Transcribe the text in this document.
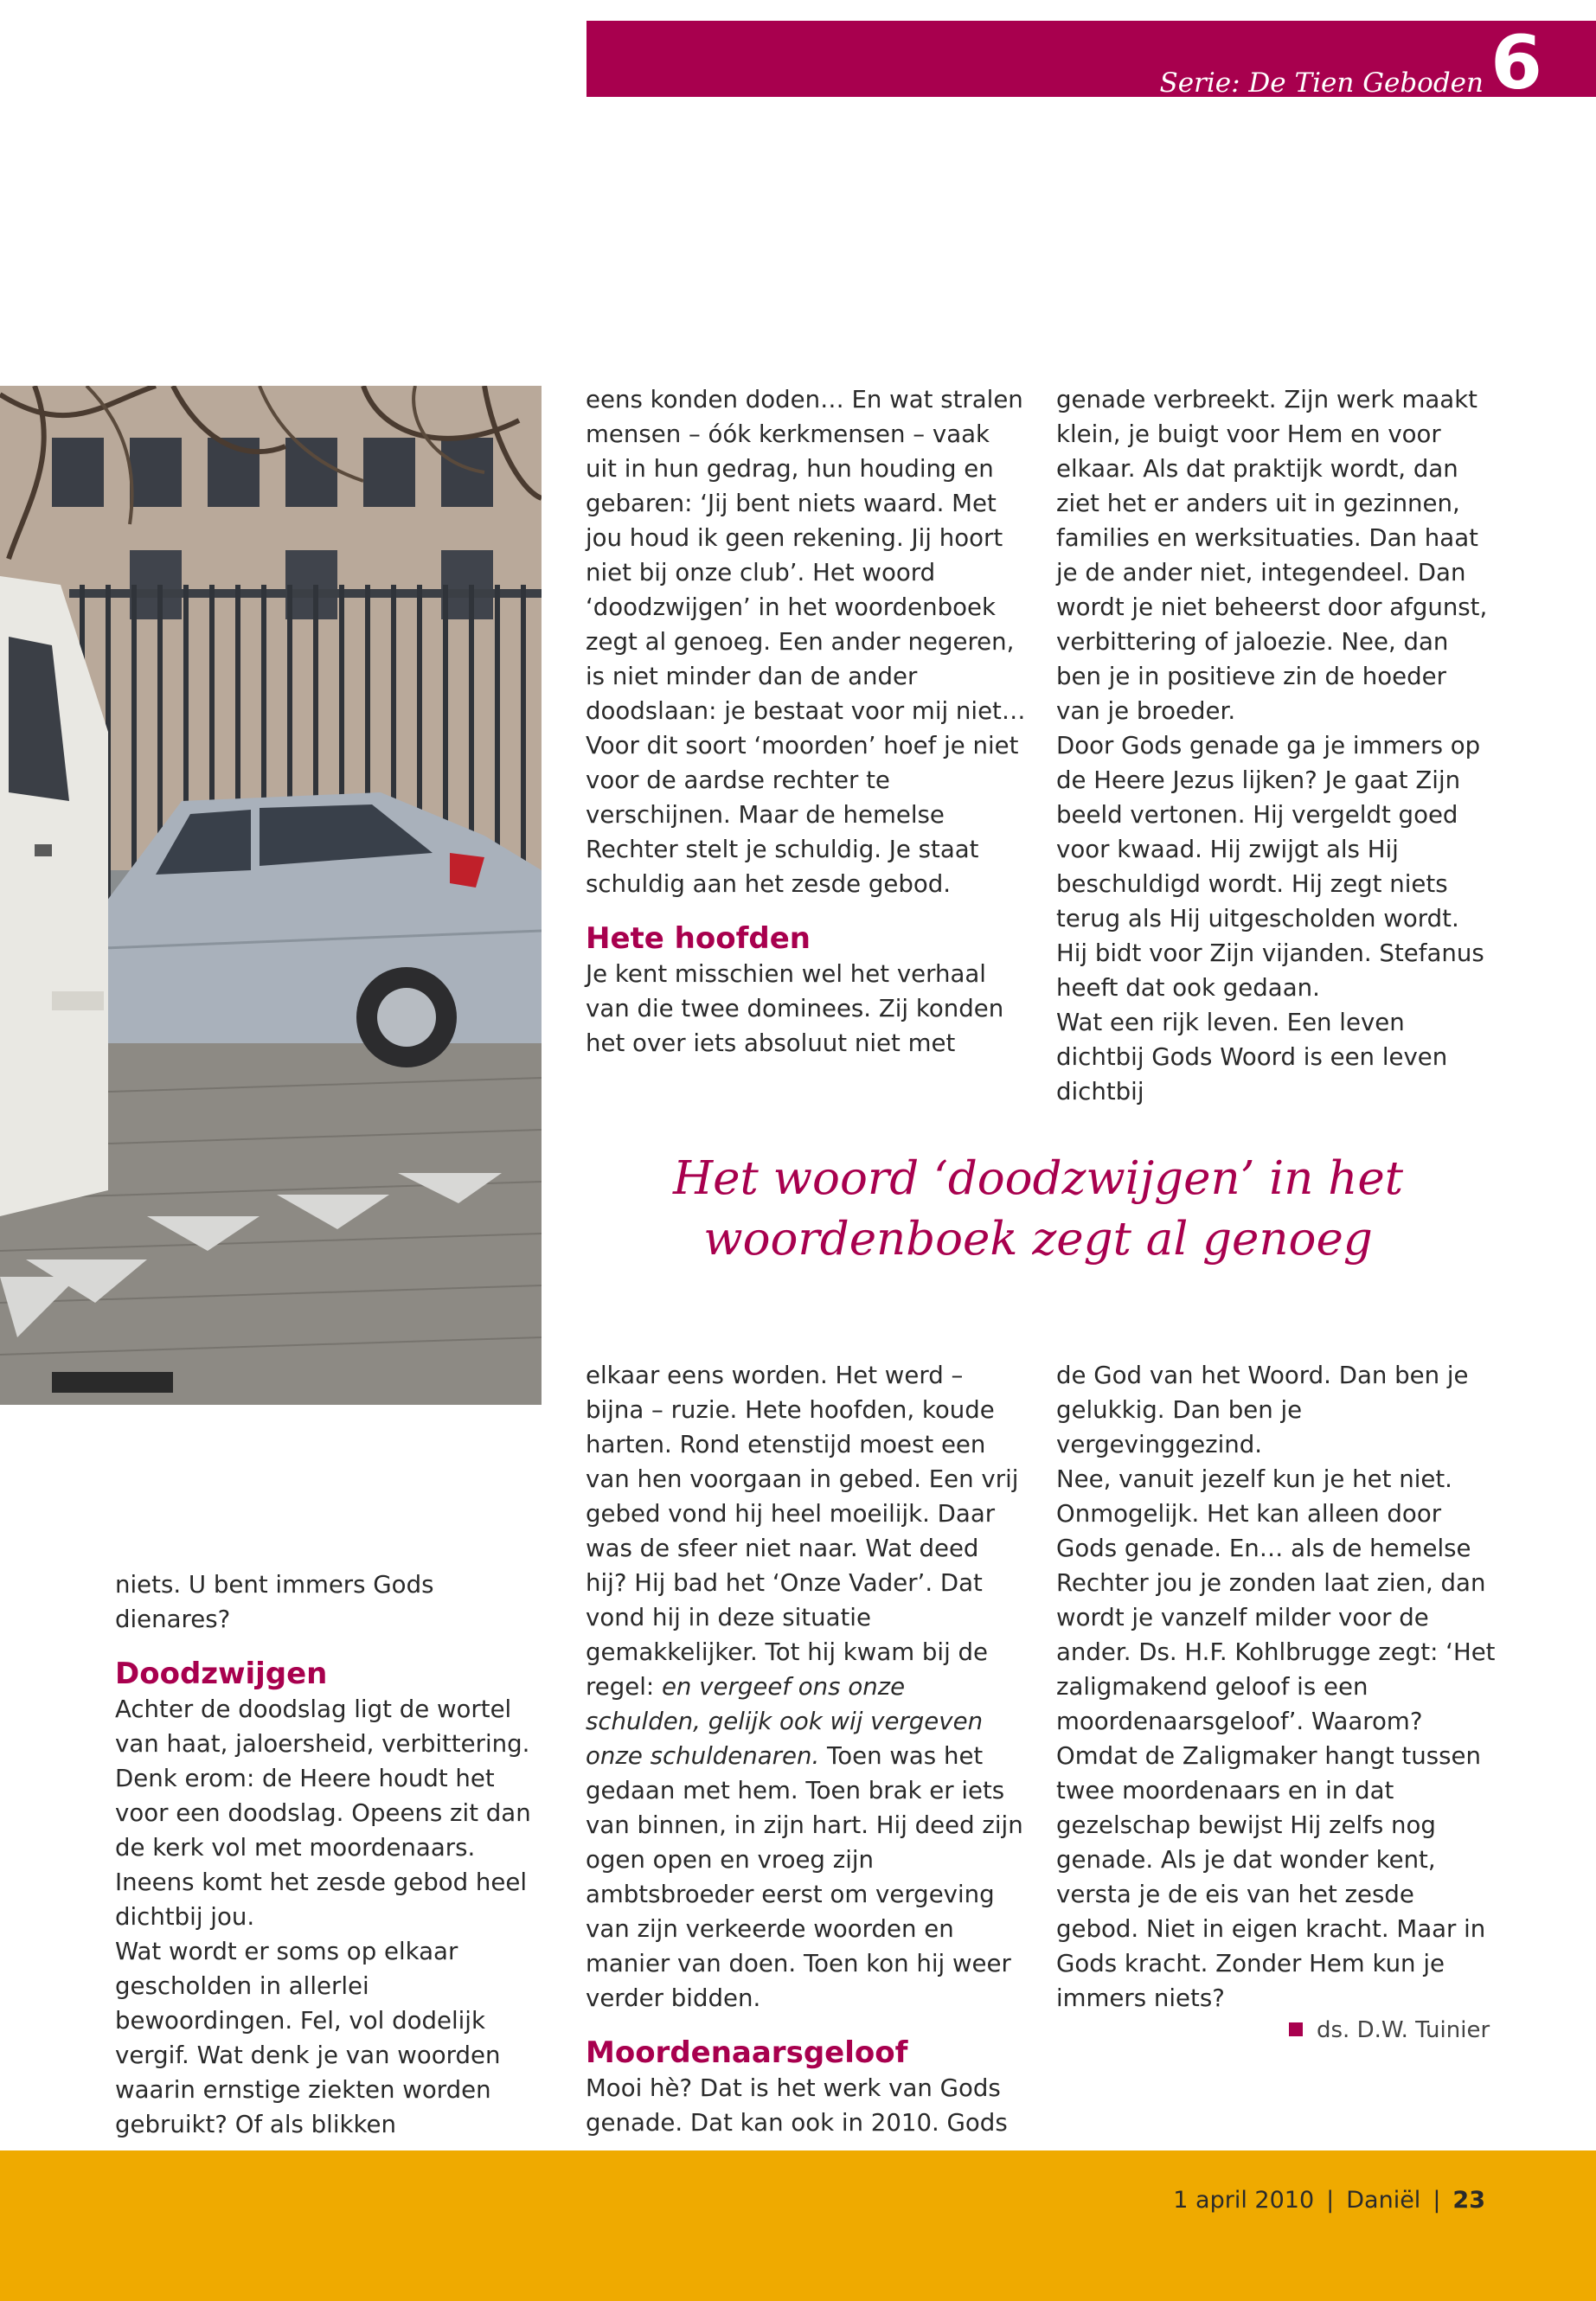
Serie: De Tien Geboden 6

eens konden doden… En wat stralen mensen – óók kerkmensen – vaak uit in hun gedrag, hun houding en gebaren: ‘Jij bent niets waard. Met jou houd ik geen rekening. Jij hoort niet bij onze club’. Het woord ‘doodzwijgen’ in het woordenboek zegt al genoeg. Een ander negeren, is niet minder dan de ander doodslaan: je bestaat voor mij niet… Voor dit soort ‘moorden’ hoef je niet voor de aardse rechter te verschijnen. Maar de hemelse Rechter stelt je schuldig. Je staat schuldig aan het zesde gebod.

Hete hoofden

Je kent misschien wel het verhaal van die twee dominees. Zij konden het over iets absoluut niet met

genade verbreekt. Zijn werk maakt klein, je buigt voor Hem en voor elkaar. Als dat praktijk wordt, dan ziet het er anders uit in gezinnen, families en werksituaties. Dan haat je de ander niet, integendeel. Dan wordt je niet beheerst door afgunst, verbittering of jaloezie. Nee, dan ben je in positieve zin de hoeder van je broeder.

Door Gods genade ga je immers op de Heere Jezus lijken? Je gaat Zijn beeld vertonen. Hij vergeldt goed voor kwaad. Hij zwijgt als Hij beschuldigd wordt. Hij zegt niets terug als Hij uitgescholden wordt. Hij bidt voor Zijn vijanden. Stefanus heeft dat ook gedaan.

Wat een rijk leven. Een leven dichtbij Gods Woord is een leven dichtbij

Het woord ‘doodzwijgen’ in het woordenboek zegt al genoeg

niets. U bent immers Gods dienares?

Doodzwijgen

Achter de doodslag ligt de wortel van haat, jaloersheid, verbittering. Denk erom: de Heere houdt het voor een doodslag. Opeens zit dan de kerk vol met moordenaars. Ineens komt het zesde gebod heel dichtbij jou.

Wat wordt er soms op elkaar gescholden in allerlei bewoordingen. Fel, vol dodelijk vergif. Wat denk je van woorden waarin ernstige ziekten worden gebruikt? Of als blikken

elkaar eens worden. Het werd – bijna – ruzie. Hete hoofden, koude harten. Rond etenstijd moest een van hen voorgaan in gebed. Een vrij gebed vond hij heel moeilijk. Daar was de sfeer niet naar. Wat deed hij? Hij bad het ‘Onze Vader’. Dat vond hij in deze situatie gemakkelijker. Tot hij kwam bij de regel: en vergeef ons onze schulden, gelijk ook wij vergeven onze schuldenaren. Toen was het gedaan met hem. Toen brak er iets van binnen, in zijn hart. Hij deed zijn ogen open en vroeg zijn ambtsbroeder eerst om vergeving van zijn verkeerde woorden en manier van doen. Toen kon hij weer verder bidden.

Moordenaarsgeloof

Mooi hè? Dat is het werk van Gods genade. Dat kan ook in 2010. Gods

de God van het Woord. Dan ben je gelukkig. Dan ben je vergevinggezind.

Nee, vanuit jezelf kun je het niet. Onmogelijk. Het kan alleen door Gods genade. En… als de hemelse Rechter jou je zonden laat zien, dan wordt je vanzelf milder voor de ander. Ds. H.F. Kohlbrugge zegt: ‘Het zaligmakend geloof is een moordenaarsgeloof’. Waarom? Omdat de Zaligmaker hangt tussen twee moordenaars en in dat gezelschap bewijst Hij zelfs nog genade. Als je dat wonder kent, versta je de eis van het zesde gebod. Niet in eigen kracht. Maar in Gods kracht. Zonder Hem kun je immers niets?

ds. D.W. Tuinier
1 april 2010 | Daniël | 23
